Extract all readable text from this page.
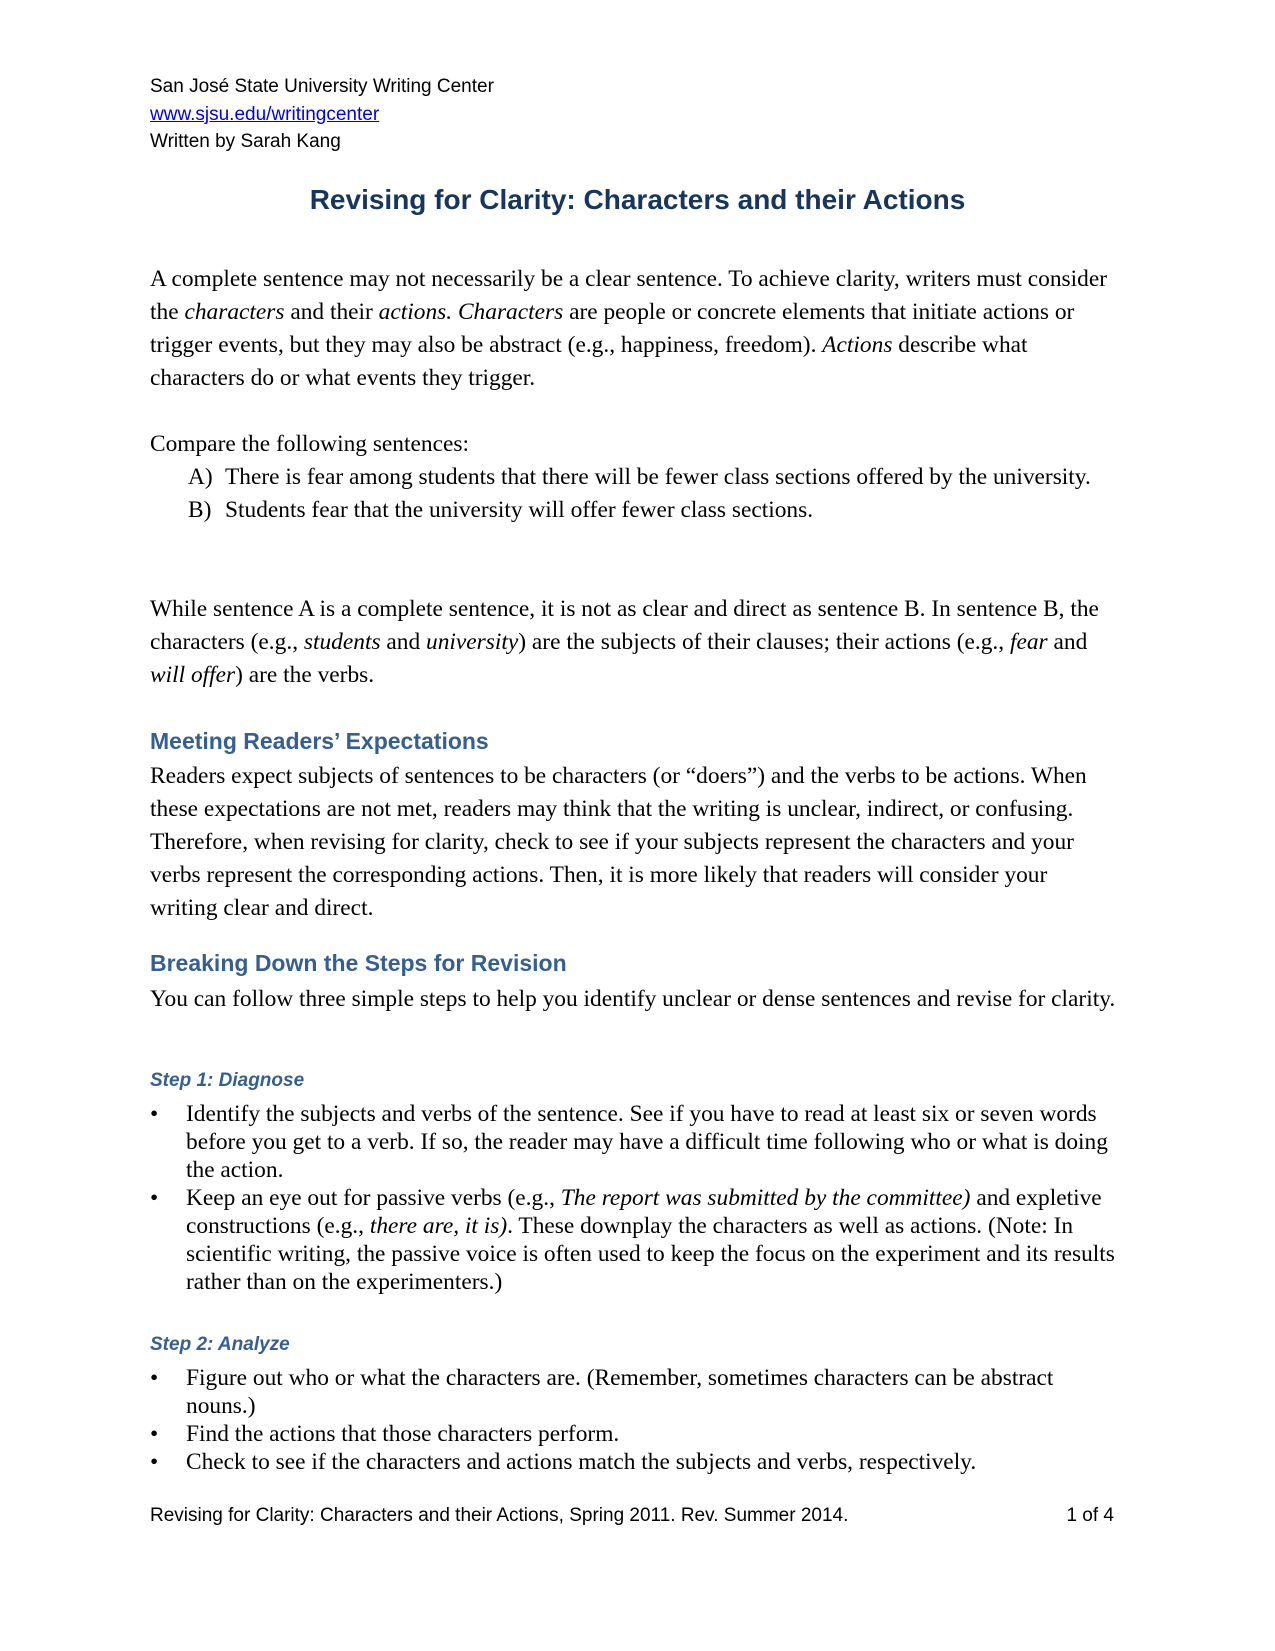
San José State University Writing Center
www.sjsu.edu/writingcenter
Written by Sarah Kang
Revising for Clarity: Characters and their Actions

A complete sentence may not necessarily be a clear sentence. To achieve clarity, writers must consider the characters and their actions. Characters are people or concrete elements that initiate actions or trigger events, but they may also be abstract (e.g., happiness, freedom). Actions describe what characters do or what events they trigger.

Compare the following sentences:
A) There is fear among students that there will be fewer class sections offered by the university.
B) Students fear that the university will offer fewer class sections.

While sentence A is a complete sentence, it is not as clear and direct as sentence B. In sentence B, the characters (e.g., students and university) are the subjects of their clauses; their actions (e.g., fear and will offer) are the verbs.

Meeting Readers’ Expectations

Readers expect subjects of sentences to be characters (or “doers”) and the verbs to be actions. When these expectations are not met, readers may think that the writing is unclear, indirect, or confusing. Therefore, when revising for clarity, check to see if your subjects represent the characters and your verbs represent the corresponding actions. Then, it is more likely that readers will consider your writing clear and direct.

Breaking Down the Steps for Revision

You can follow three simple steps to help you identify unclear or dense sentences and revise for clarity.

Step 1: Diagnose
• Identify the subjects and verbs of the sentence. See if you have to read at least six or seven words before you get to a verb. If so, the reader may have a difficult time following who or what is doing the action.
• Keep an eye out for passive verbs (e.g., The report was submitted by the committee) and expletive constructions (e.g., there are, it is). These downplay the characters as well as actions. (Note: In scientific writing, the passive voice is often used to keep the focus on the experiment and its results rather than on the experimenters.)
Step 2: Analyze
• Figure out who or what the characters are. (Remember, sometimes characters can be abstract nouns.)
• Find the actions that those characters perform.
• Check to see if the characters and actions match the subjects and verbs, respectively.
Revising for Clarity: Characters and their Actions, Spring 2011. Rev. Summer 2014.	1 of 4
